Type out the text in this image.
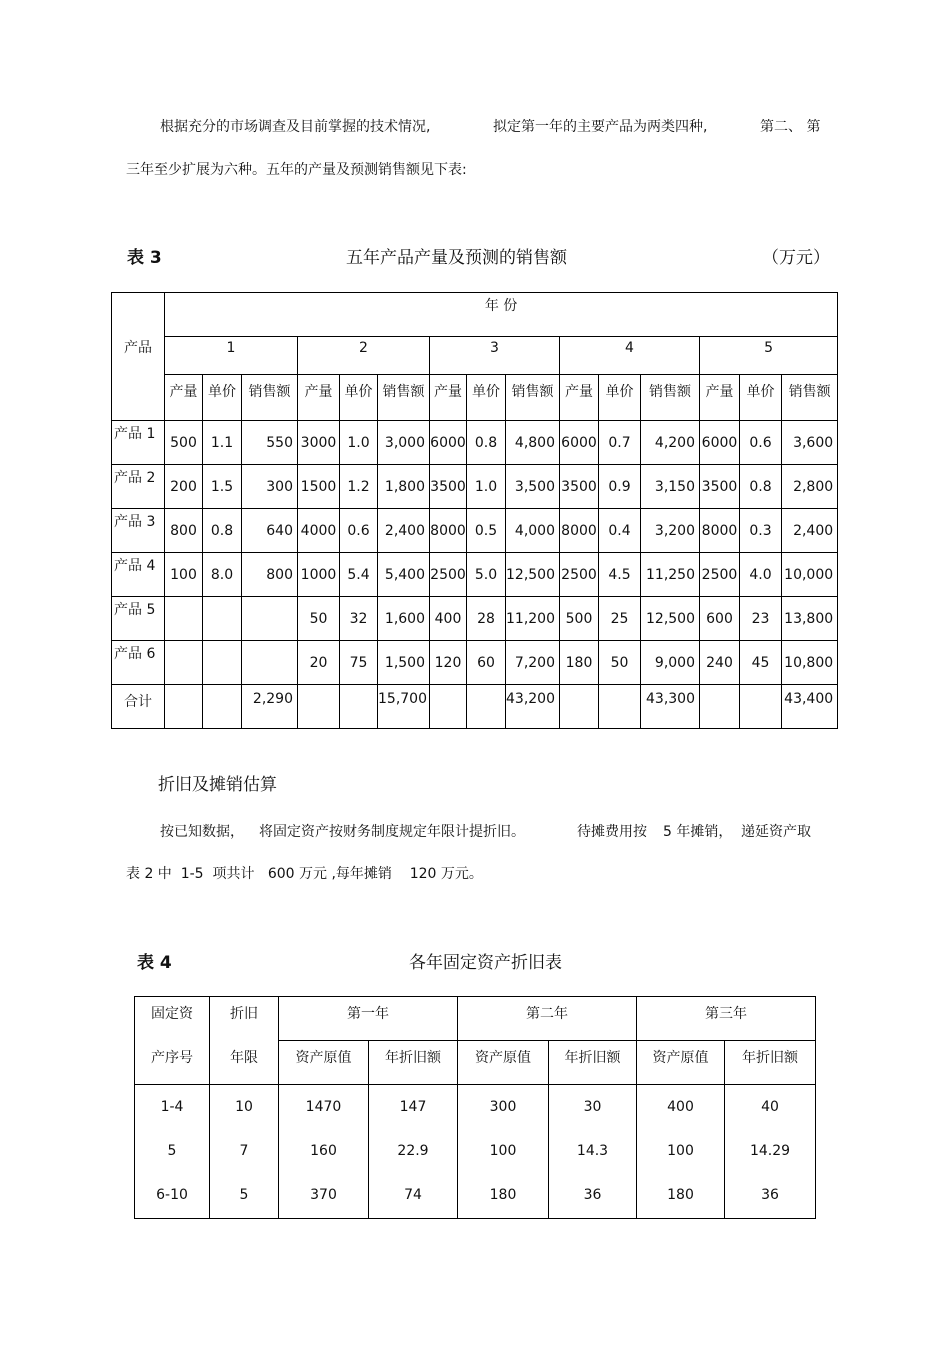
根据充分的市场调查及目前掌握的技术情况,	拟定第一年的主要产品为两类四种,	第二、 第
三年至少扩展为六种。五年的产量及预测销售额见下表:
表 3	五年产品产量及预测的销售额	（万元）
产品	年 份														
	1			2			3			4			5		
	产量	单价	销售额	产量	单价	销售额	产量	单价	销售额	产量	单价	销售额	产量	单价	销售额
产品 1	500	1.1	550	3000	1.0	3,000	6000	0.8	4,800	6000	0.7	4,200	6000	0.6	3,600
产品 2	200	1.5	300	1500	1.2	1,800	3500	1.0	3,500	3500	0.9	3,150	3500	0.8	2,800
产品 3	800	0.8	640	4000	0.6	2,400	8000	0.5	4,000	8000	0.4	3,200	8000	0.3	2,400
产品 4	100	8.0	800	1000	5.4	5,400	2500	5.0	12,500	2500	4.5	11,250	2500	4.0	10,000
产品 5				50	32	1,600	400	28	11,200	500	25	12,500	600	23	13,800
产品 6				20	75	1,500	120	60	7,200	180	50	9,000	240	45	10,800
合计			2,290			15,700			43,200			43,300			43,400
折旧及摊销估算
按已知数据， 将固定资产按财务制度规定年限计提折旧。	待摊费用按 5 年摊销， 递延资产取
表 2 中  1-5  项共计   600 万元 ,每年摊销    120 万元。
表 4	各年固定资产折旧表
固定资	折旧	第一年		第二年		第三年	
产序号	年限	资产原值	年折旧额	资产原值	年折旧额	资产原值	年折旧额
1-4	10	1470	147	300	30	400	40
5	7	160	22.9	100	14.3	100	14.29
6-10	5	370	74	180	36	180	36
